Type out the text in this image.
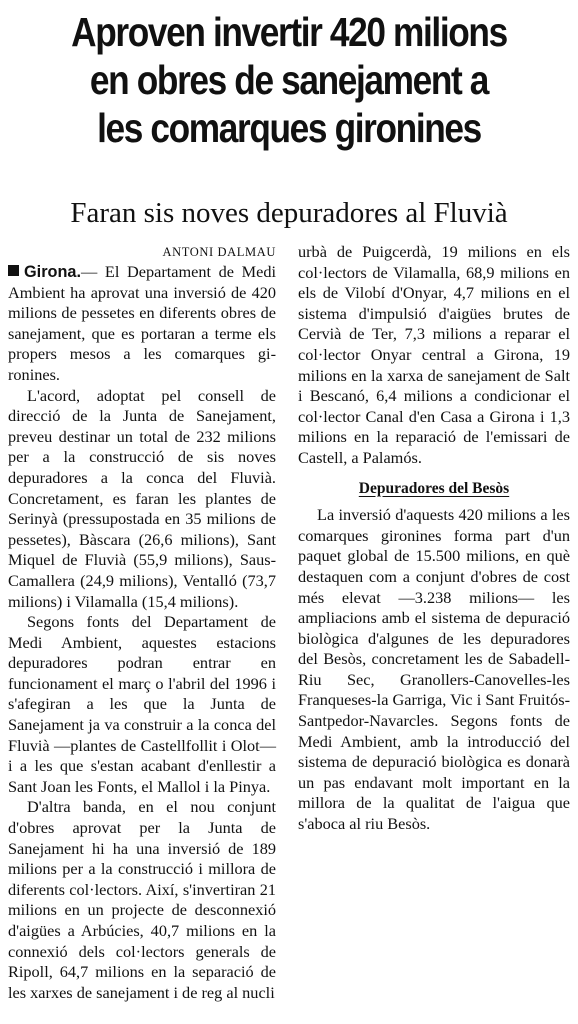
Aproven invertir 420 milions
en obres de sanejament a
les comarques gironines
Faran sis noves depuradores al Fluvià

ANTONI DALMAU

Girona.— El Departament de Medi Ambient ha aprovat una inversió de 420 milions de pessetes en diferents obres de sanejament, que es portaran a terme els propers mesos a les comarques gironines.

L'acord, adoptat pel consell de direcció de la Junta de Sanejament, preveu destinar un total de 232 milions per a la construcció de sis noves depuradores a la conca del Fluvià. Concretament, es faran les plantes de Serinyà (pressupostada en 35 milions de pessetes), Bàscara (26,6 milions), Sant Miquel de Fluvià (55,9 milions), Saus-Camallera (24,9 milions), Ventalló (73,7 milions) i Vilamalla (15,4 milions).

Segons fonts del Departament de Medi Ambient, aquestes estacions depuradores podran entrar en funcionament el març o l'abril del 1996 i s'afegiran a les que la Junta de Sanejament ja va construir a la conca del Fluvià —plantes de Castellfollit i Olot— i a les que s'estan acabant d'enllestir a Sant Joan les Fonts, el Mallol i la Pinya.

D'altra banda, en el nou conjunt d'obres aprovat per la Junta de Sanejament hi ha una inversió de 189 milions per a la construcció i millora de diferents col·lectors. Així, s'invertiran 21 milions en un projecte de desconnexió d'aigües a Arbúcies, 40,7 milions en la connexió dels col·lectors generals de Ripoll, 64,7 milions en la separació de les xarxes de sanejament i de reg al nucli

urbà de Puigcerdà, 19 milions en els col·lectors de Vilamalla, 68,9 milions en els de Vilobí d'Onyar, 4,7 milions en el sistema d'impulsió d'aigües brutes de Cervià de Ter, 7,3 milions a reparar el col·lector Onyar central a Girona, 19 milions en la xarxa de sanejament de Salt i Bescanó, 6,4 milions a condicionar el col·lector Canal d'en Casa a Girona i 1,3 milions en la reparació de l'emissari de Castell, a Palamós.

Depuradores del Besòs

La inversió d'aquests 420 milions a les comarques gironines forma part d'un paquet global de 15.500 milions, en què destaquen com a conjunt d'obres de cost més elevat —3.238 milions— les ampliacions amb el sistema de depuració biològica d'algunes de les depuradores del Besòs, concretament les de Sabadell-Riu Sec, Granollers-Canovelles-les Franqueses-la Garriga, Vic i Sant Fruitós-Santpedor-Navarcles. Segons fonts de Medi Ambient, amb la introducció del sistema de depuració biològica es donarà un pas endavant molt important en la millora de la qualitat de l'aigua que s'aboca al riu Besòs.
